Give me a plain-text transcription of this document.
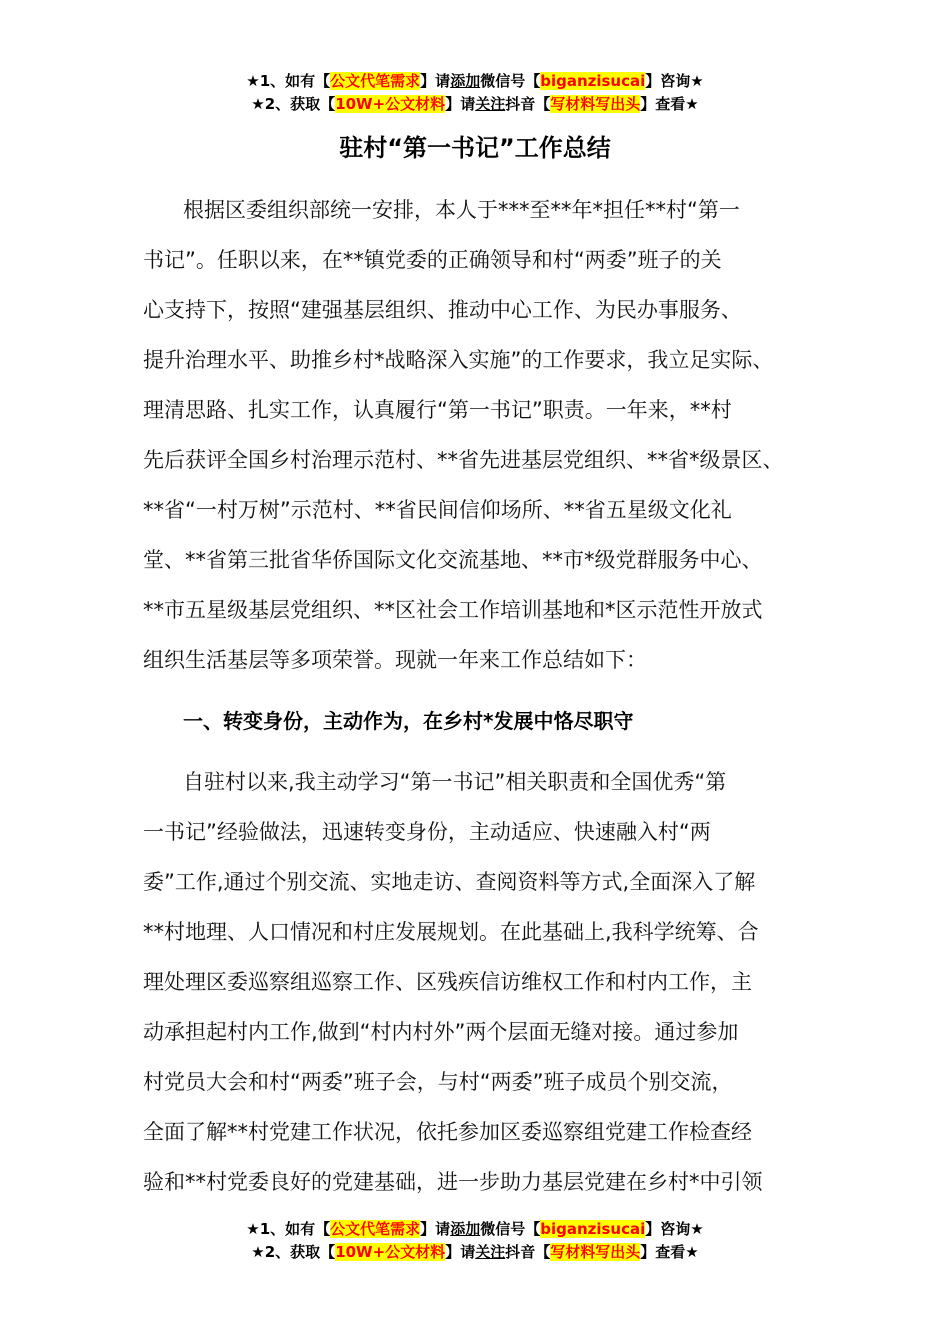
★1、如有【公文代笔需求】请添加微信号【biganzisucai】咨询★
★2、获取【10W+公文材料】请关注抖音【写材料写出头】查看★
驻村“第一书记”工作总结
根据区委组织部统一安排，本人于***至**年*担任**村“第一
书记”。任职以来，在**镇党委的正确领导和村“两委”班子的关
心支持下，按照“建强基层组织、推动中心工作、为民办事服务、
提升治理水平、助推乡村*战略深入实施”的工作要求，我立足实际、
理清思路、扎实工作，认真履行“第一书记”职责。一年来，**村
先后获评全国乡村治理示范村、**省先进基层党组织、**省*级景区、
**省“一村万树”示范村、**省民间信仰场所、**省五星级文化礼
堂、**省第三批省华侨国际文化交流基地、**市*级党群服务中心、
**市五星级基层党组织、**区社会工作培训基地和*区示范性开放式
组织生活基层等多项荣誉。现就一年来工作总结如下：
一、转变身份，主动作为，在乡村*发展中恪尽职守
自驻村以来,我主动学习“第一书记”相关职责和全国优秀“第
一书记”经验做法，迅速转变身份，主动适应、快速融入村“两
委”工作,通过个别交流、实地走访、查阅资料等方式,全面深入了解
**村地理、人口情况和村庄发展规划。在此基础上,我科学统筹、合
理处理区委巡察组巡察工作、区残疾信访维权工作和村内工作，主
动承担起村内工作,做到“村内村外”两个层面无缝对接。通过参加
村党员大会和村“两委”班子会，与村“两委”班子成员个别交流，
全面了解**村党建工作状况，依托参加区委巡察组党建工作检查经
验和**村党委良好的党建基础，进一步助力基层党建在乡村*中引领
★1、如有【公文代笔需求】请添加微信号【biganzisucai】咨询★
★2、获取【10W+公文材料】请关注抖音【写材料写出头】查看★
